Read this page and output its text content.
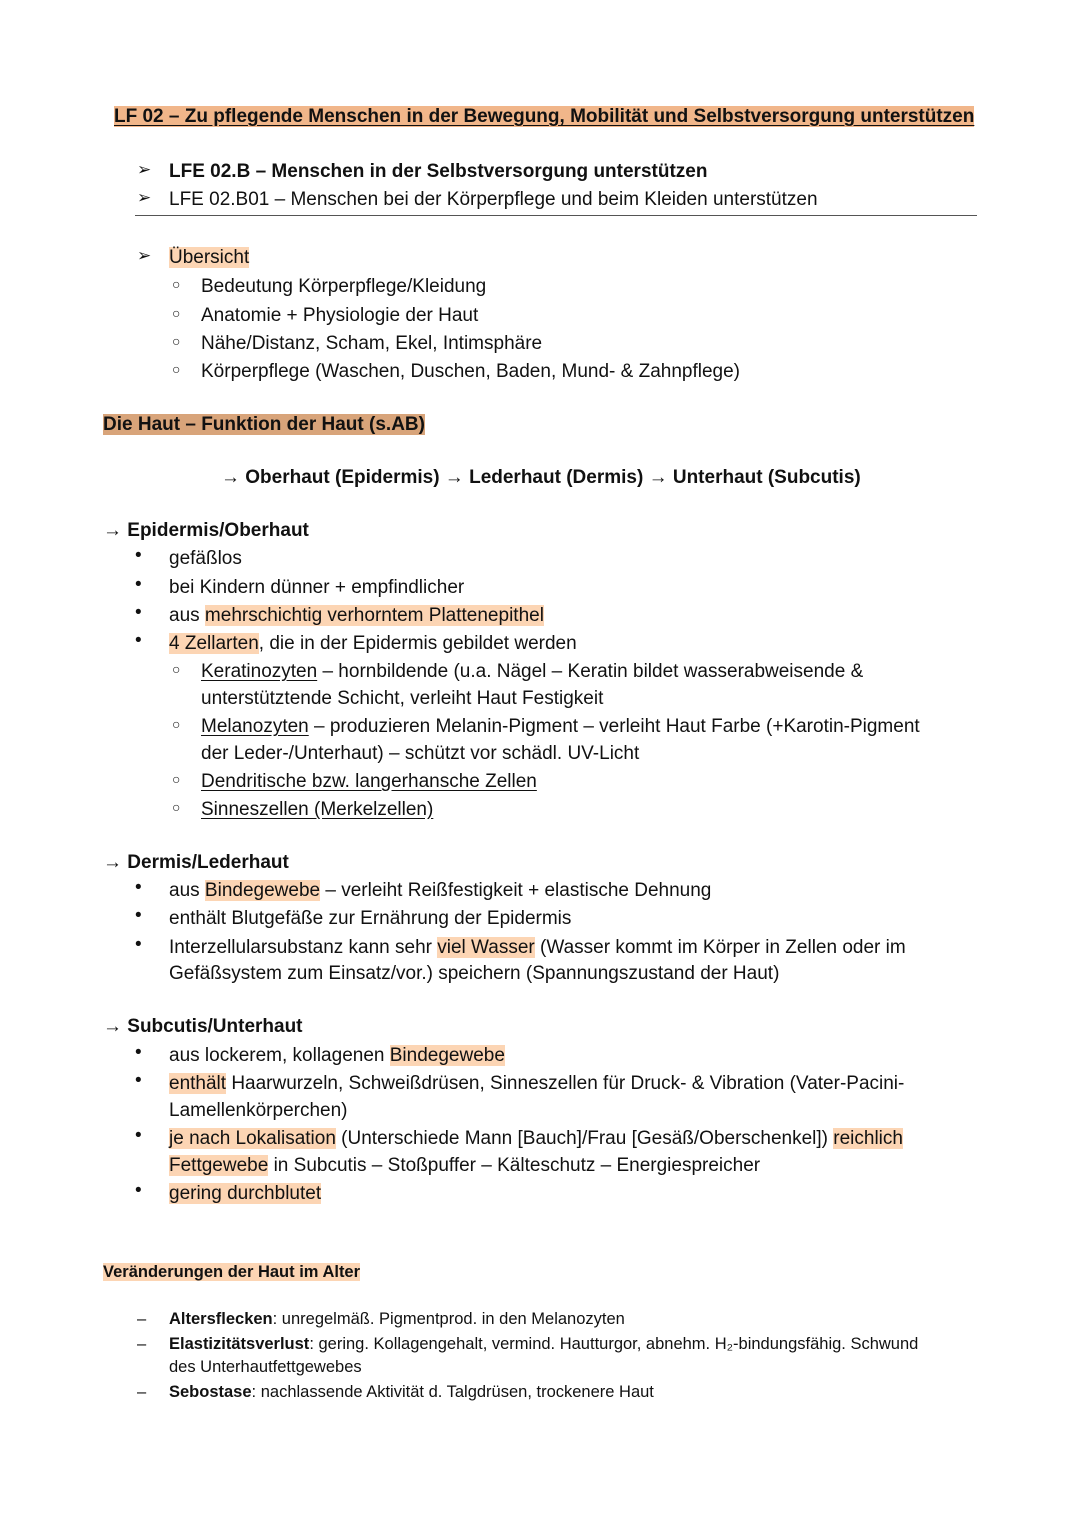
LF 02 – Zu pflegende Menschen in der Bewegung, Mobilität und Selbstversorgung unterstützen
➢ LFE 02.B – Menschen in der Selbstversorgung unterstützen
➢ LFE 02.B01 – Menschen bei der Körperpflege und beim Kleiden unterstützen
➢ Übersicht
○ Bedeutung Körperpflege/Kleidung
○ Anatomie + Physiologie der Haut
○ Nähe/Distanz, Scham, Ekel, Intimsphäre
○ Körperpflege (Waschen, Duschen, Baden, Mund- & Zahnpflege)
Die Haut – Funktion der Haut (s.AB)
→ Oberhaut (Epidermis) → Lederhaut (Dermis) → Unterhaut (Subcutis)
→ Epidermis/Oberhaut
• gefäßlos
• bei Kindern dünner + empfindlicher
• aus mehrschichtig verhorntem Plattenepithel
• 4 Zellarten, die in der Epidermis gebildet werden
○ Keratinozyten – hornbildende (u.a. Nägel – Keratin bildet wasserabweisende &
unterstütztende Schicht, verleiht Haut Festigkeit
○ Melanozyten – produzieren Melanin-Pigment – verleiht Haut Farbe (+Karotin-Pigment
der Leder-/Unterhaut) – schützt vor schädl. UV-Licht
○ Dendritische bzw. langerhansche Zellen
○ Sinneszellen (Merkelzellen)
→ Dermis/Lederhaut
• aus Bindegewebe – verleiht Reißfestigkeit + elastische Dehnung
• enthält Blutgefäße zur Ernährung der Epidermis
• Interzellularsubstanz kann sehr viel Wasser (Wasser kommt im Körper in Zellen oder im
Gefäßsystem zum Einsatz/vor.) speichern (Spannungszustand der Haut)
→ Subcutis/Unterhaut
• aus lockerem, kollagenen Bindegewebe
• enthält Haarwurzeln, Schweißdrüsen, Sinneszellen für Druck- & Vibration (Vater-Pacini-
Lamellenkörperchen)
• je nach Lokalisation (Unterschiede Mann [Bauch]/Frau [Gesäß/Oberschenkel]) reichlich
Fettgewebe in Subcutis – Stoßpuffer – Kälteschutz – Energiespreicher
• gering durchblutet
Veränderungen der Haut im Alter
– Altersflecken: unregelmäß. Pigmentprod. in den Melanozyten
– Elastizitätsverlust: gering. Kollagengehalt, vermind. Hautturgor, abnehm. H₂-bindungsfähig. Schwund
des Unterhautfettgewebes
– Sebostase: nachlassende Aktivität d. Talgdrüsen, trockenere Haut
